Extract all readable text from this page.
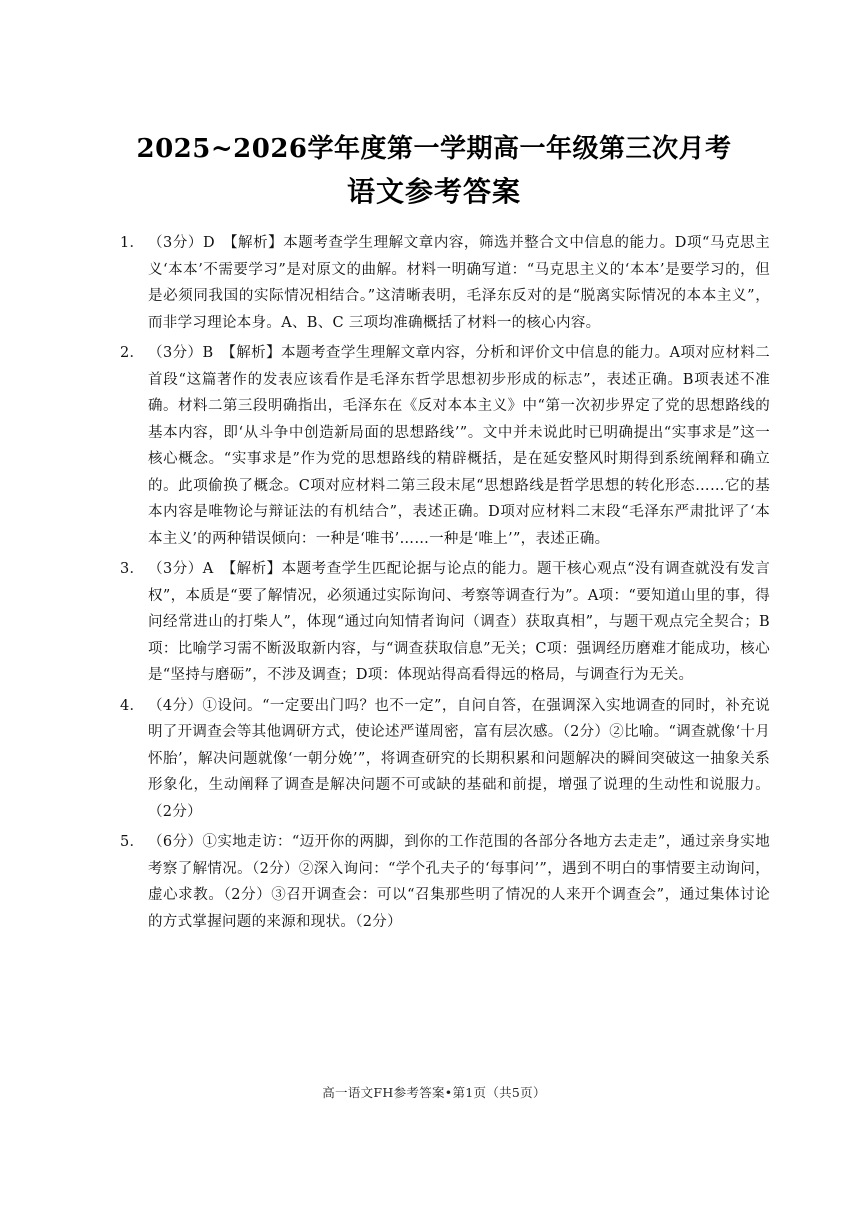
2025~2026学年度第一学期高一年级第三次月考
语文参考答案
1． （3分）D　【解析】本题考查学生理解文章内容，筛选并整合文中信息的能力。D项“马克思主义‘本本’不需要学习”是对原文的曲解。材料一明确写道：“马克思主义的‘本本’是要学习的，但是必须同我国的实际情况相结合。”这清晰表明，毛泽东反对的是“脱离实际情况的本本主义”，而非学习理论本身。A、B、C 三项均准确概括了材料一的核心内容。
2． （3分）B　【解析】本题考查学生理解文章内容，分析和评价文中信息的能力。A项对应材料二首段“这篇著作的发表应该看作是毛泽东哲学思想初步形成的标志”，表述正确。B项表述不准确。材料二第三段明确指出，毛泽东在《反对本本主义》中“第一次初步界定了党的思想路线的基本内容，即‘从斗争中创造新局面的思想路线’”。文中并未说此时已明确提出“实事求是”这一核心概念。“实事求是”作为党的思想路线的精辟概括，是在延安整风时期得到系统阐释和确立的。此项偷换了概念。C项对应材料二第三段末尾“思想路线是哲学思想的转化形态……它的基本内容是唯物论与辩证法的有机结合”，表述正确。D项对应材料二末段“毛泽东严肃批评了‘本本主义’的两种错误倾向：一种是‘唯书’……一种是‘唯上’”，表述正确。
3． （3分）A　【解析】本题考查学生匹配论据与论点的能力。题干核心观点“没有调查就没有发言权”，本质是“要了解情况，必须通过实际询问、考察等调查行为”。A项：“要知道山里的事，得问经常进山的打柴人”，体现“通过向知情者询问（调查）获取真相”，与题干观点完全契合；B项：比喻学习需不断汲取新内容，与“调查获取信息”无关；C项：强调经历磨难才能成功，核心是“坚持与磨砺”，不涉及调查；D项：体现站得高看得远的格局，与调查行为无关。
4． （4分）①设问。“一定要出门吗？也不一定”，自问自答，在强调深入实地调查的同时，补充说明了开调查会等其他调研方式，使论述严谨周密，富有层次感。（2分）②比喻。“调查就像‘十月怀胎’，解决问题就像‘一朝分娩’”，将调查研究的长期积累和问题解决的瞬间突破这一抽象关系形象化，生动阐释了调查是解决问题不可或缺的基础和前提，增强了说理的生动性和说服力。（2分）
5． （6分）①实地走访：“迈开你的两脚，到你的工作范围的各部分各地方去走走”，通过亲身实地考察了解情况。（2分）②深入询问：“学个孔夫子的‘每事问’”，遇到不明白的事情要主动询问，虚心求教。（2分）③召开调查会：可以“召集那些明了情况的人来开个调查会”，通过集体讨论的方式掌握问题的来源和现状。（2分）
高一语文FH参考答案•第1页（共5页）
